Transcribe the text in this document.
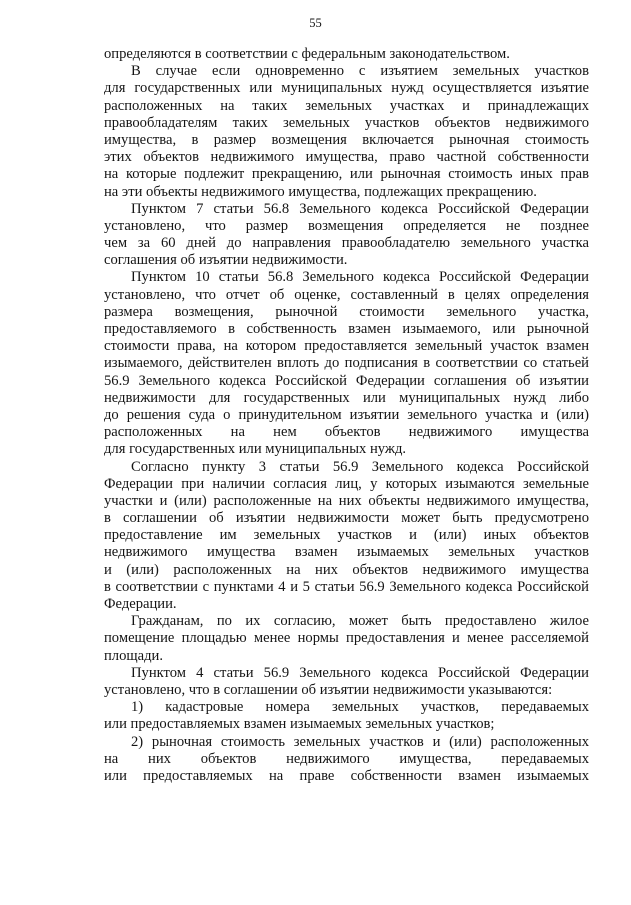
55
определяются в соответствии с федеральным законодательством.
В случае если одновременно с изъятием земельных участков
для государственных или муниципальных нужд осуществляется изъятие
расположенных на таких земельных участках и принадлежащих
правообладателям таких земельных участков объектов недвижимого
имущества, в размер возмещения включается рыночная стоимость
этих объектов недвижимого имущества, право частной собственности
на которые подлежит прекращению, или рыночная стоимость иных прав
на эти объекты недвижимого имущества, подлежащих прекращению.
Пунктом 7 статьи 56.8 Земельного кодекса Российской Федерации
установлено, что размер возмещения определяется не позднее
чем за 60 дней до направления правообладателю земельного участка
соглашения об изъятии недвижимости.
Пунктом 10 статьи 56.8 Земельного кодекса Российской Федерации
установлено, что отчет об оценке, составленный в целях определения
размера возмещения, рыночной стоимости земельного участка,
предоставляемого в собственность взамен изымаемого, или рыночной
стоимости права, на котором предоставляется земельный участок взамен
изымаемого, действителен вплоть до подписания в соответствии со статьей
56.9 Земельного кодекса Российской Федерации соглашения об изъятии
недвижимости для государственных или муниципальных нужд либо
до решения суда о принудительном изъятии земельного участка и (или)
расположенных на нем объектов недвижимого имущества
для государственных или муниципальных нужд.
Согласно пункту 3 статьи 56.9 Земельного кодекса Российской
Федерации при наличии согласия лиц, у которых изымаются земельные
участки и (или) расположенные на них объекты недвижимого имущества,
в соглашении об изъятии недвижимости может быть предусмотрено
предоставление им земельных участков и (или) иных объектов
недвижимого имущества взамен изымаемых земельных участков
и (или) расположенных на них объектов недвижимого имущества
в соответствии с пунктами 4 и 5 статьи 56.9 Земельного кодекса Российской
Федерации.
Гражданам, по их согласию, может быть предоставлено жилое
помещение площадью менее нормы предоставления и менее расселяемой
площади.
Пунктом 4 статьи 56.9 Земельного кодекса Российской Федерации
установлено, что в соглашении об изъятии недвижимости указываются:
1) кадастровые номера земельных участков, передаваемых
или предоставляемых взамен изымаемых земельных участков;
2) рыночная стоимость земельных участков и (или) расположенных
на них объектов недвижимого имущества, передаваемых
или предоставляемых на праве собственности взамен изымаемых
